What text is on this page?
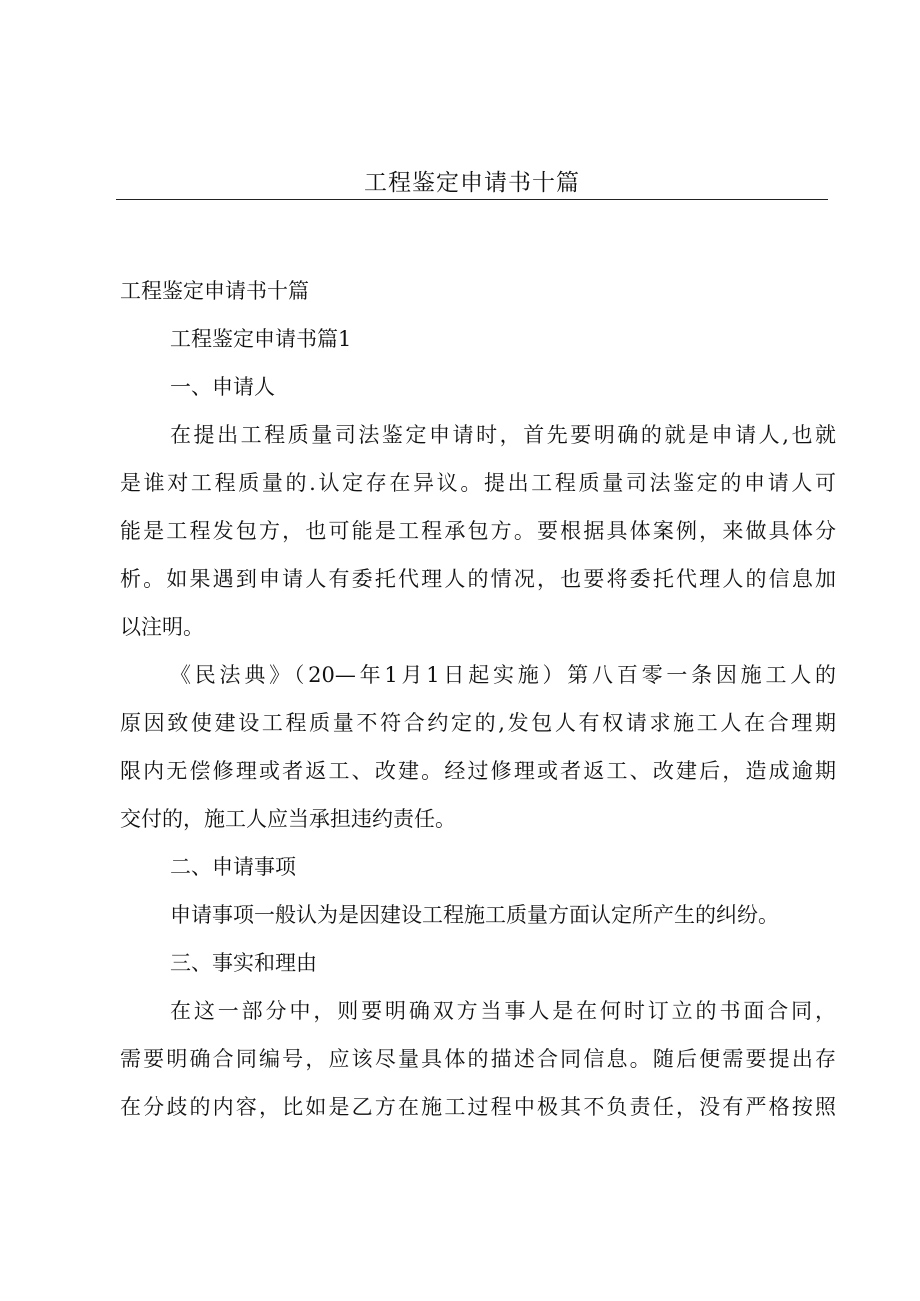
工程鉴定申请书十篇

工程鉴定申请书十篇

工程鉴定申请书篇1

一、申请人

在提出工程质量司法鉴定申请时，首先要明确的就是申请人,也就
是谁对工程质量的.认定存在异议。提出工程质量司法鉴定的申请人可
能是工程发包方，也可能是工程承包方。要根据具体案例，来做具体分
析。如果遇到申请人有委托代理人的情况，也要将委托代理人的信息加
以注明。

《民法典》（20—年1月1日起实施）第八百零一条因施工人的
原因致使建设工程质量不符合约定的,发包人有权请求施工人在合理期
限内无偿修理或者返工、改建。经过修理或者返工、改建后，造成逾期
交付的，施工人应当承担违约责任。

二、申请事项

申请事项一般认为是因建设工程施工质量方面认定所产生的纠纷。

三、事实和理由

在这一部分中，则要明确双方当事人是在何时订立的书面合同，
需要明确合同编号，应该尽量具体的描述合同信息。随后便需要提出存
在分歧的内容，比如是乙方在施工过程中极其不负责任，没有严格按照
